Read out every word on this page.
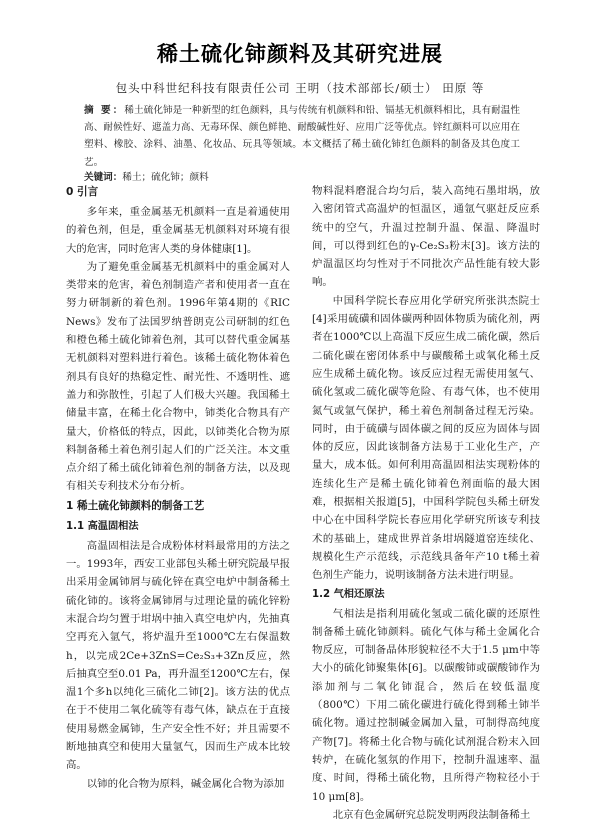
稀土硫化铈颜料及其研究进展
包头中科世纪科技有限责任公司 王明（技术部部长/硕士） 田原 等
摘 要：稀土硫化铈是一种新型的红色颜料，具与传统有机颜料和铅、镉基无机颜料相比，具有耐温性高、耐候性好、遮盖力高、无毒环保、颜色鲜艳、耐酸碱性好、应用广泛等优点。锌红颜料可以应用在塑料、橡胶、涂料、油墨、化妆品、玩具等领域。本文概括了稀土硫化铈红色颜料的制备及其色度工艺。
关键词：稀土；硫化铈；颜料
0 引言

多年来，重金属基无机颜料一直是着通使用的着色剂，但是，重金属基无机颜料对环境有很大的危害，同时危害人类的身体健康[1]。

为了避免重金属基无机颜料中的重金属对人类带来的危害，着色剂制造产者和使用者一直在努力研制新的着色剂。1996年第4期的《RIC News》发布了法国罗纳普朗克公司研制的红色和橙色稀土硫化铈着色剂，其可以替代重金属基无机颜料对塑料进行着色。该稀土硫化物体着色剂具有良好的热稳定性、耐光性、不透明性、遮盖力和弥散性，引起了人们极大兴趣。我国稀土储量丰富，在稀土化合物中，铈类化合物具有产量大，价格低的特点，因此，以铈类化合物为原料制备稀土着色剂引起人们的广泛关注。本文重点介绍了稀土硫化铈着色剂的制备方法，以及现有相关专利技术分布分析。

1 稀土硫化铈颜料的制备工艺
1.1 高温固相法

高温固相法是合成粉体材料最常用的方法之一。1993年，西安工业部包头稀土研究院最早报出采用金属铈屑与硫化锌在真空电炉中制备稀土硫化铈的。该将金属铈屑与过理论量的硫化锌粉末混合均匀置于坩埚中抽入真空电炉内，先抽真空再充入氩气，将炉温升至1000℃左右保温数h，以完成2Ce+3ZnS=Ce₂S₃+3Zn反应，然后抽真空至0.01 Pa，再升温至1200℃左右，保温1个多h以纯化三硫化二铈[2]。该方法的优点在于不使用二氧化硫等有毒气体，缺点在于直接使用易燃金属铈，生产安全性不好；并且需要不断地抽真空和使用大量氩气，因而生产成本比较高。

以铈的化合物为原料，碱金属化合物为添加

物料混料磨混合均匀后，装入高纯石墨坩埚，放入密闭管式高温炉的恒温区，通氩气驱赶反应系统中的空气，升温过控制升温、保温、降温时间，可以得到红色的γ-Ce₂S₃粉末[3]。该方法的炉温温区均匀性对于不同批次产品性能有较大影响。

中国科学院长春应用化学研究所张洪杰院士[4]采用硫磺和固体碳两种固体物质为硫化剂，两者在1000℃以上高温下反应生成二硫化碳，然后二硫化碳在密闭体系中与碳酸稀土或氧化稀土反应生成稀土硫化物。该反应过程无需使用氢气、硫化氢或二硫化碳等危险、有毒气体，也不使用氮气或氩气保护，稀土着色剂制备过程无污染。同时，由于硫磺与固体碳之间的反应为固体与固体的反应，因此该制备方法易于工业化生产，产量大，成本低。如何利用高温固相法实现粉体的连续化生产是稀土硫化铈着色剂面临的最大困难，根据相关报道[5]，中国科学院包头稀土研发中心在中国科学院长春应用化学研究所该专利技术的基础上，建成世界首条坩埚隧道窑连续化、规模化生产示范线，示范线具备年产10 t稀土着色剂生产能力，说明该制备方法未进行明显。

1.2 气相还原法

气相法是指利用硫化氢或二硫化碳的还原性制备稀土硫化铈颜料。硫化气体与稀土金属化合物反应，可制备晶体形貌粒径不大于1.5 μm中等大小的硫化铈聚集体[6]。以碳酸铈或碳酸铈作为添加剂与二氧化铈混合，然后在较低温度（800℃）下用二硫化碳进行硫化得到稀土铈半硫化物。通过控制碱金属加入量，可制得高纯度产物[7]。将稀土化合物与硫化试剂混合粉末入回转炉，在硫化氢氛的作用下，控制升温速率、温度、时间，得稀土硫化物，且所得产物粒径小于10 μm[8]。

北京有色金属研究总院发明两段法制备稀土
